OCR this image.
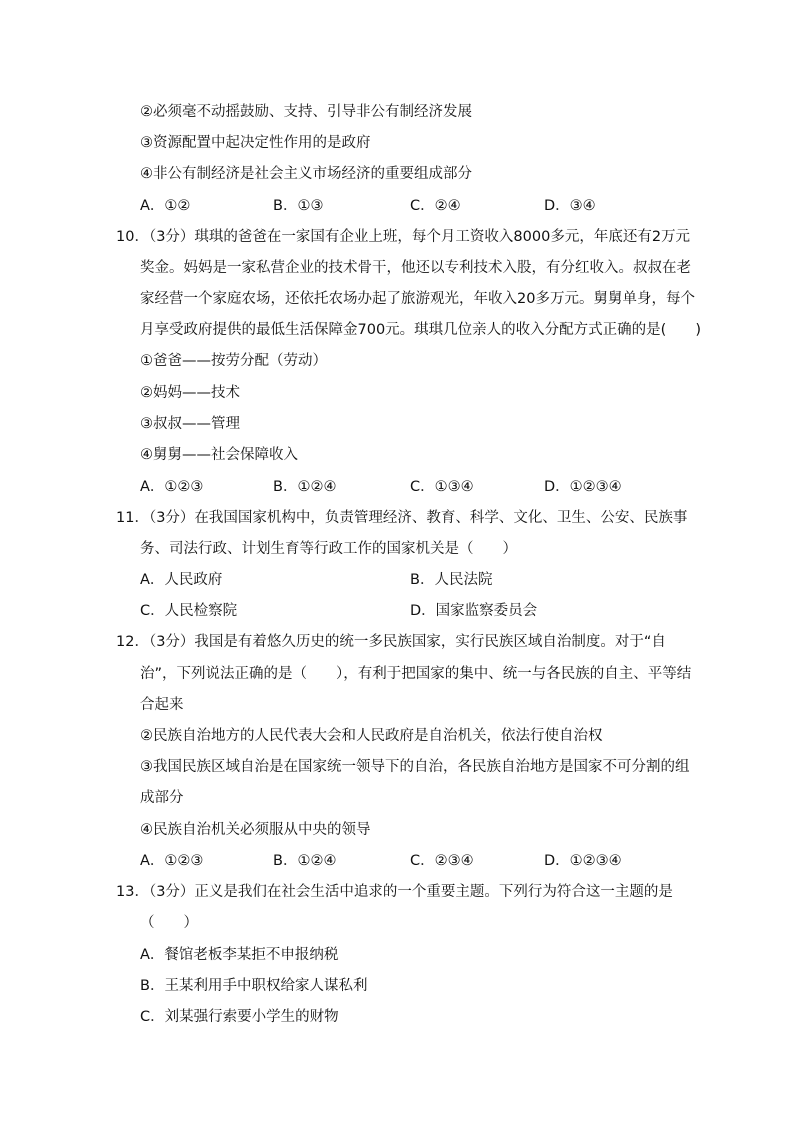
②必须毫不动摇鼓励、支持、引导非公有制经济发展
③资源配置中起决定性作用的是政府
④非公有制经济是社会主义市场经济的重要组成部分
A．①②	B．①③	C．②④	D．③④
10．（3分）琪琪的爸爸在一家国有企业上班，每个月工资收入8000多元，年底还有2万元
奖金。妈妈是一家私营企业的技术骨干，他还以专利技术入股，有分红收入。叔叔在老
家经营一个家庭农场，还依托农场办起了旅游观光，年收入20多万元。舅舅单身，每个
月享受政府提供的最低生活保障金700元。琪琪几位亲人的收入分配方式正确的是(　　)
①爸爸——按劳分配（劳动）
②妈妈——技术
③叔叔——管理
④舅舅——社会保障收入
A．①②③	B．①②④	C．①③④	D．①②③④
11．（3分）在我国国家机构中，负责管理经济、教育、科学、文化、卫生、公安、民族事
务、司法行政、计划生育等行政工作的国家机关是（　　）
A．人民政府	B．人民法院
C．人民检察院	D．国家监察委员会
12．（3分）我国是有着悠久历史的统一多民族国家，实行民族区域自治制度。对于“自
治”，下列说法正确的是（　　），有利于把国家的集中、统一与各民族的自主、平等结
合起来
②民族自治地方的人民代表大会和人民政府是自治机关，依法行使自治权
③我国民族区域自治是在国家统一领导下的自治，各民族自治地方是国家不可分割的组
成部分
④民族自治机关必须服从中央的领导
A．①②③	B．①②④	C．②③④	D．①②③④
13．（3分）正义是我们在社会生活中追求的一个重要主题。下列行为符合这一主题的是
（　　）
A．餐馆老板李某拒不申报纳税
B．王某利用手中职权给家人谋私利
C．刘某强行索要小学生的财物
